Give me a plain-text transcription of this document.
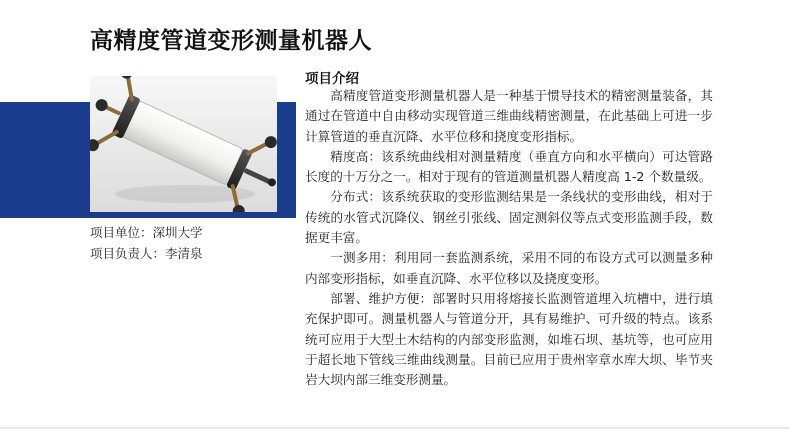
高精度管道变形测量机器人
项目单位：深圳大学
项目负责人：李清泉
项目介绍

高精度管道变形测量机器人是一种基于惯导技术的精密测量装备，其通过在管道中自由移动实现管道三维曲线精密测量，在此基础上可进一步计算管道的垂直沉降、水平位移和挠度变形指标。

精度高：该系统曲线相对测量精度（垂直方向和水平横向）可达管路长度的十万分之一。相对于现有的管道测量机器人精度高 1-2 个数量级。

分布式：该系统获取的变形监测结果是一条线状的变形曲线，相对于传统的水管式沉降仪、钢丝引张线、固定测斜仪等点式变形监测手段，数据更丰富。

一测多用：利用同一套监测系统，采用不同的布设方式可以测量多种内部变形指标，如垂直沉降、水平位移以及挠度变形。

部署、维护方便：部署时只用将熔接长监测管道埋入坑槽中，进行填充保护即可。测量机器人与管道分开，具有易维护、可升级的特点。该系统可应用于大型土木结构的内部变形监测，如堆石坝、基坑等，也可应用于超长地下管线三维曲线测量。目前已应用于贵州宰章水库大坝、毕节夹岩大坝内部三维变形测量。
